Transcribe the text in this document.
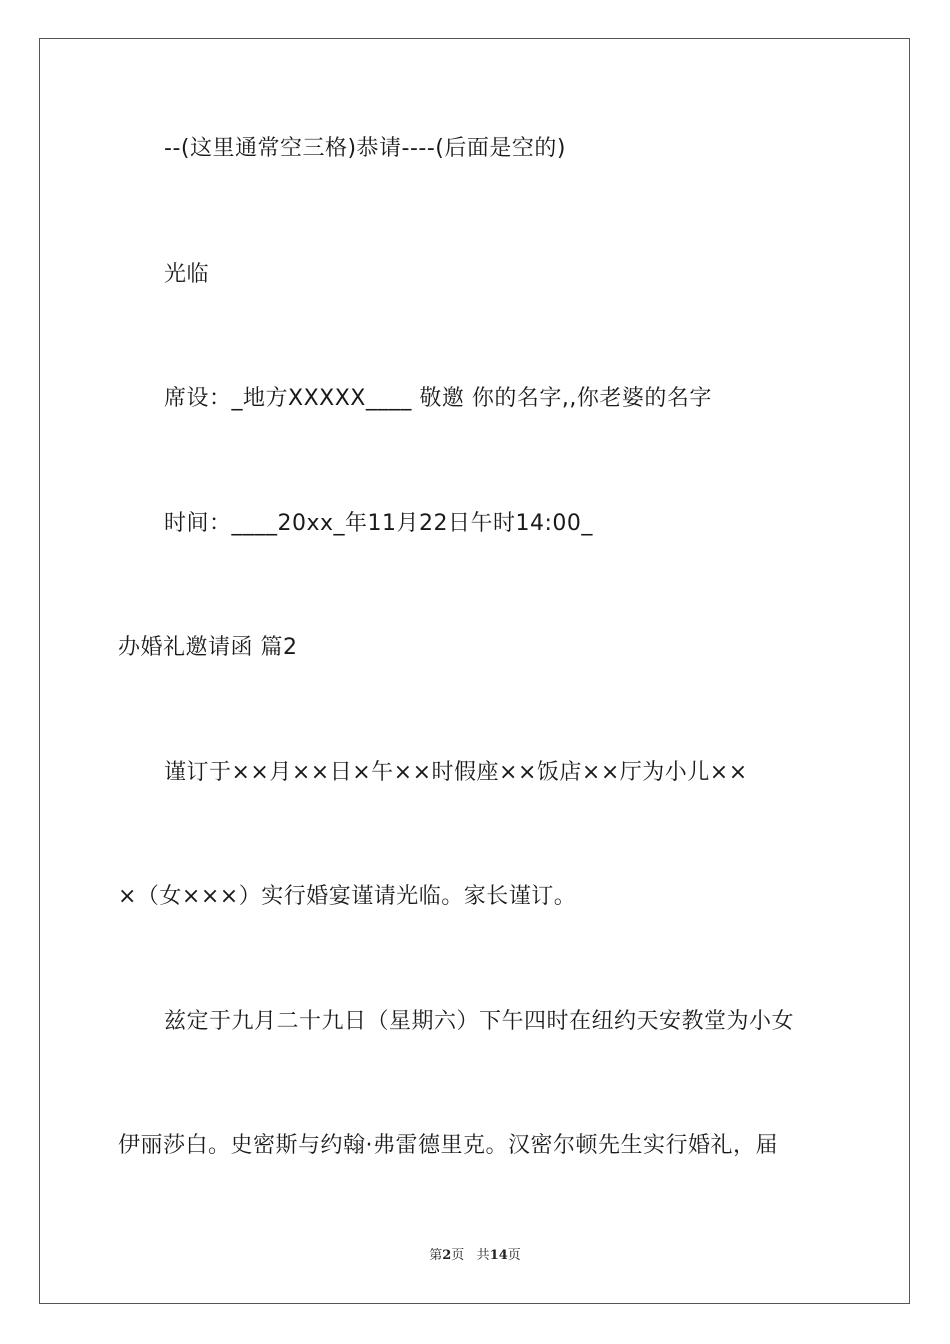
--(这里通常空三格)恭请----(后面是空的)
光临
席设：_地方XXXXX____ 敬邀 你的名字,,你老婆的名字
时间：____20xx_年11月22日午时14:00_
办婚礼邀请函 篇2
谨订于××月××日×午××时假座××饭店××厅为小儿××
×（女×××）实行婚宴谨请光临。家长谨订。
兹定于九月二十九日（星期六）下午四时在纽约天安教堂为小女
伊丽莎白。史密斯与约翰·弗雷德里克。汉密尔顿先生实行婚礼，届
第2页 共14页
